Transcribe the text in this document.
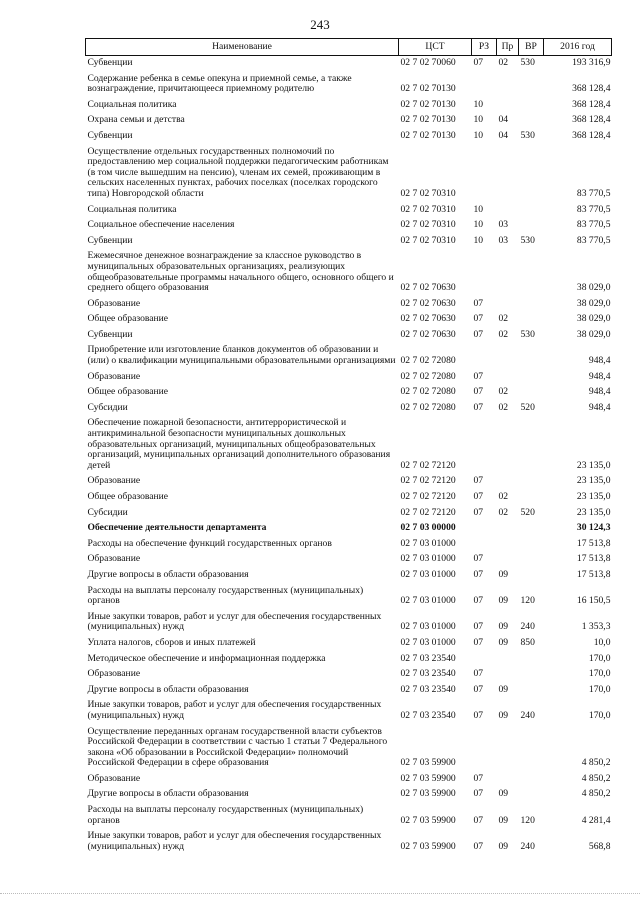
243
Наименование	ЦСТ	РЗ	Пр	ВР	2016 год
Субвенции	02 7 02 70060	07	02	530	193 316,9
Содержание ребенка в семье опекуна и приемной семье, а также вознаграждение, причитающееся приемному родителю	02 7 02 70130				368 128,4
Социальная политика	02 7 02 70130	10			368 128,4
Охрана семьи и детства	02 7 02 70130	10	04		368 128,4
Субвенции	02 7 02 70130	10	04	530	368 128,4
Осуществление отдельных государственных полномочий по предоставлению мер социальной поддержки педагогическим работникам (в том числе вышедшим на пенсию), членам их семей, проживающим в сельских населенных пунктах, рабочих поселках (поселках городского типа) Новгородской области	02 7 02 70310				83 770,5
Социальная политика	02 7 02 70310	10			83 770,5
Социальное обеспечение населения	02 7 02 70310	10	03		83 770,5
Субвенции	02 7 02 70310	10	03	530	83 770,5
Ежемесячное денежное вознаграждение за классное руководство в муниципальных образовательных организациях, реализующих общеобразовательные программы начального общего, основного общего и среднего общего образования	02 7 02 70630				38 029,0
Образование	02 7 02 70630	07			38 029,0
Общее образование	02 7 02 70630	07	02		38 029,0
Субвенции	02 7 02 70630	07	02	530	38 029,0
Приобретение или изготовление бланков документов об образовании и (или) о квалификации муниципальными образовательными организациями	02 7 02 72080				948,4
Образование	02 7 02 72080	07			948,4
Общее образование	02 7 02 72080	07	02		948,4
Субсидии	02 7 02 72080	07	02	520	948,4
Обеспечение пожарной безопасности, антитеррористической и антикриминальной безопасности муниципальных дошкольных образовательных организаций, муниципальных общеобразовательных организаций, муниципальных организаций дополнительного образования детей	02 7 02 72120				23 135,0
Образование	02 7 02 72120	07			23 135,0
Общее образование	02 7 02 72120	07	02		23 135,0
Субсидии	02 7 02 72120	07	02	520	23 135,0
Обеспечение деятельности департамента	02 7 03 00000				30 124,3
Расходы на обеспечение функций государственных органов	02 7 03 01000				17 513,8
Образование	02 7 03 01000	07			17 513,8
Другие вопросы в области образования	02 7 03 01000	07	09		17 513,8
Расходы на выплаты персоналу государственных (муниципальных) органов	02 7 03 01000	07	09	120	16 150,5
Иные закупки товаров, работ и услуг для обеспечения государственных (муниципальных) нужд	02 7 03 01000	07	09	240	1 353,3
Уплата налогов, сборов и иных платежей	02 7 03 01000	07	09	850	10,0
Методическое обеспечение и информационная поддержка	02 7 03 23540				170,0
Образование	02 7 03 23540	07			170,0
Другие вопросы в области образования	02 7 03 23540	07	09		170,0
Иные закупки товаров, работ и услуг для обеспечения государственных (муниципальных) нужд	02 7 03 23540	07	09	240	170,0
Осуществление переданных органам государственной власти субъектов Российской Федерации в соответствии с частью 1 статьи 7 Федерального закона «Об образовании в Российской Федерации» полномочий Российской Федерации в сфере образования	02 7 03 59900				4 850,2
Образование	02 7 03 59900	07			4 850,2
Другие вопросы в области образования	02 7 03 59900	07	09		4 850,2
Расходы на выплаты персоналу государственных (муниципальных) органов	02 7 03 59900	07	09	120	4 281,4
Иные закупки товаров, работ и услуг для обеспечения государственных (муниципальных) нужд	02 7 03 59900	07	09	240	568,8
